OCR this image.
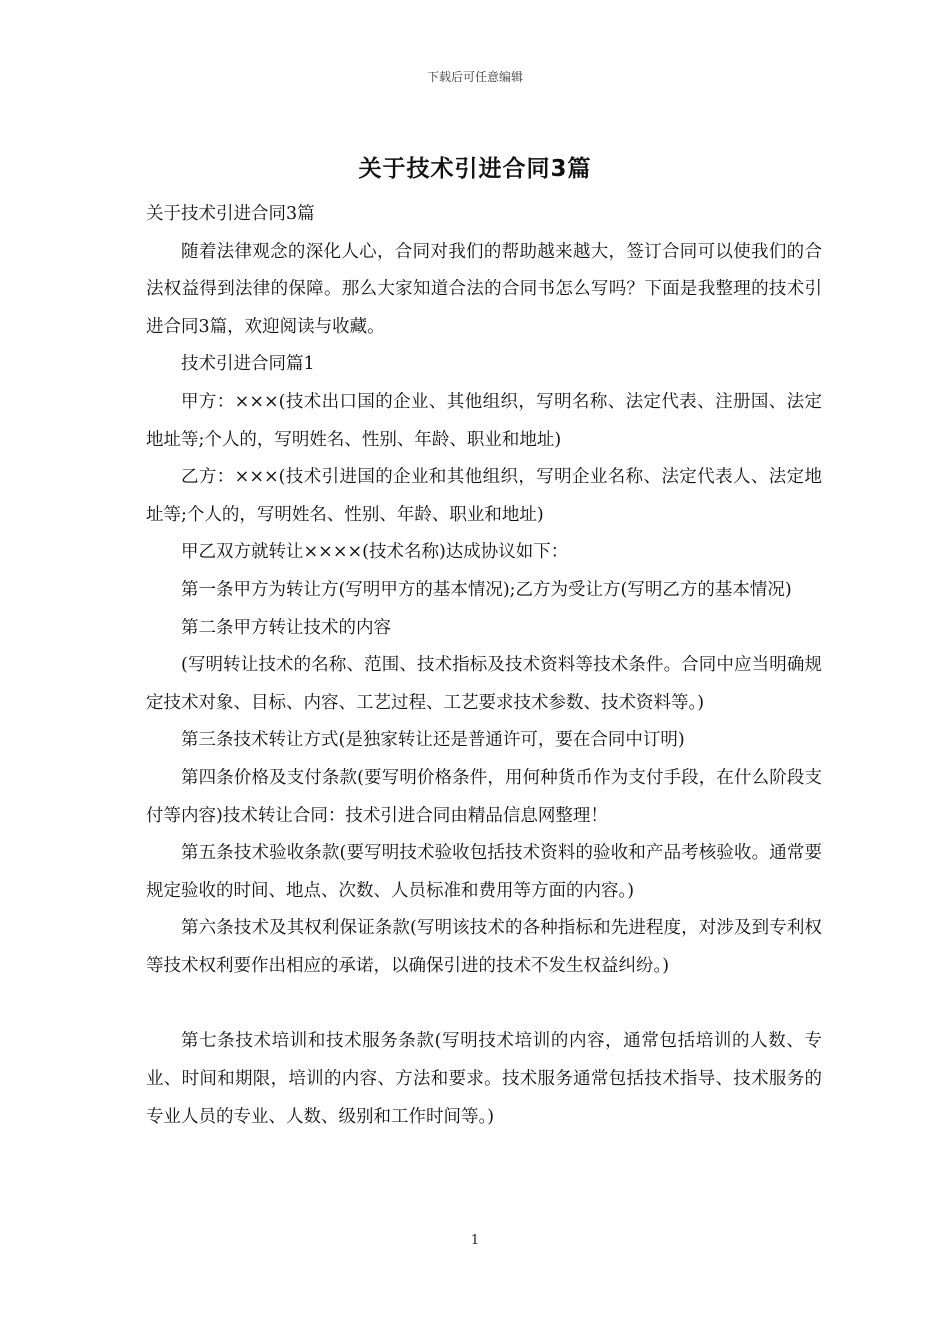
下载后可任意编辑
关于技术引进合同3篇

关于技术引进合同3篇

随着法律观念的深化人心，合同对我们的帮助越来越大，签订合同可以使我们的合法权益得到法律的保障。那么大家知道合法的合同书怎么写吗？下面是我整理的技术引进合同3篇，欢迎阅读与收藏。

技术引进合同篇1

甲方：×××(技术出口国的企业、其他组织，写明名称、法定代表、注册国、法定地址等;个人的，写明姓名、性别、年龄、职业和地址)

乙方：×××(技术引进国的企业和其他组织，写明企业名称、法定代表人、法定地址等;个人的，写明姓名、性别、年龄、职业和地址)

甲乙双方就转让××××(技术名称)达成协议如下：

第一条甲方为转让方(写明甲方的基本情况);乙方为受让方(写明乙方的基本情况)

第二条甲方转让技术的内容

(写明转让技术的名称、范围、技术指标及技术资料等技术条件。合同中应当明确规定技术对象、目标、内容、工艺过程、工艺要求技术参数、技术资料等。)

第三条技术转让方式(是独家转让还是普通许可，要在合同中订明)

第四条价格及支付条款(要写明价格条件，用何种货币作为支付手段，在什么阶段支付等内容)技术转让合同：技术引进合同由精品信息网整理！

第五条技术验收条款(要写明技术验收包括技术资料的验收和产品考核验收。通常要规定验收的时间、地点、次数、人员标准和费用等方面的内容。)

第六条技术及其权利保证条款(写明该技术的各种指标和先进程度，对涉及到专利权等技术权利要作出相应的承诺，以确保引进的技术不发生权益纠纷。)

第七条技术培训和技术服务条款(写明技术培训的内容，通常包括培训的人数、专业、时间和期限，培训的内容、方法和要求。技术服务通常包括技术指导、技术服务的专业人员的专业、人数、级别和工作时间等。)

1
